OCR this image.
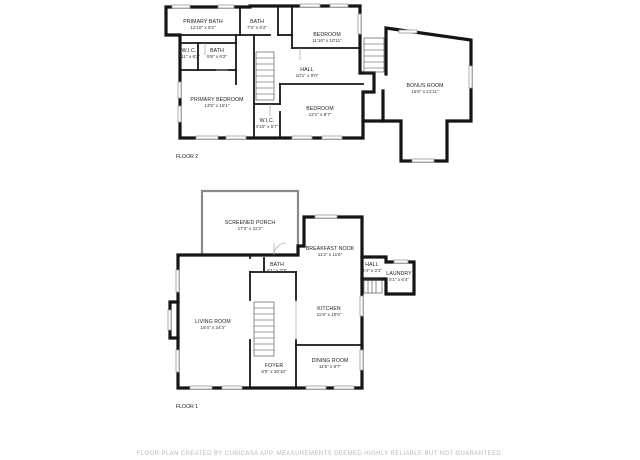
PRIMARY BATH
12'10" x 5'2"
BATH
7'3" x 5'2"
BEDROOM
11'10" x 10'11"
W.I.C.
3'11" x 6'2"
BATH
5'8" x 6'2"
HALL
10'1" x 9'0"
BONUS ROOM
15'8" x 21'11"
PRIMARY BEDROOM
13'5" x 15'1"
BEDROOM
12'1" x 9'7"
W.I.C.
4'10" x 5'7"
FLOOR 2
SCREENED PORCH
17'3" x 11'2"
BREAKFAST NOOK
11'2" x 11'6"
BATH
6'1" x 3'3"
HALL
4'4" x 3'1"
LAUNDRY
5'1" x 6'4"
LIVING ROOM
15'4" x 24'4"
KITCHEN
11'9" x 10'0"
FOYER
6'5" x 20'10"
DINING ROOM
11'5" x 9'7"
FLOOR 1
FLOOR PLAN CREATED BY CUBICASA APP. MEASUREMENTS DEEMED HIGHLY RELIABLE BUT NOT GUARANTEED.
